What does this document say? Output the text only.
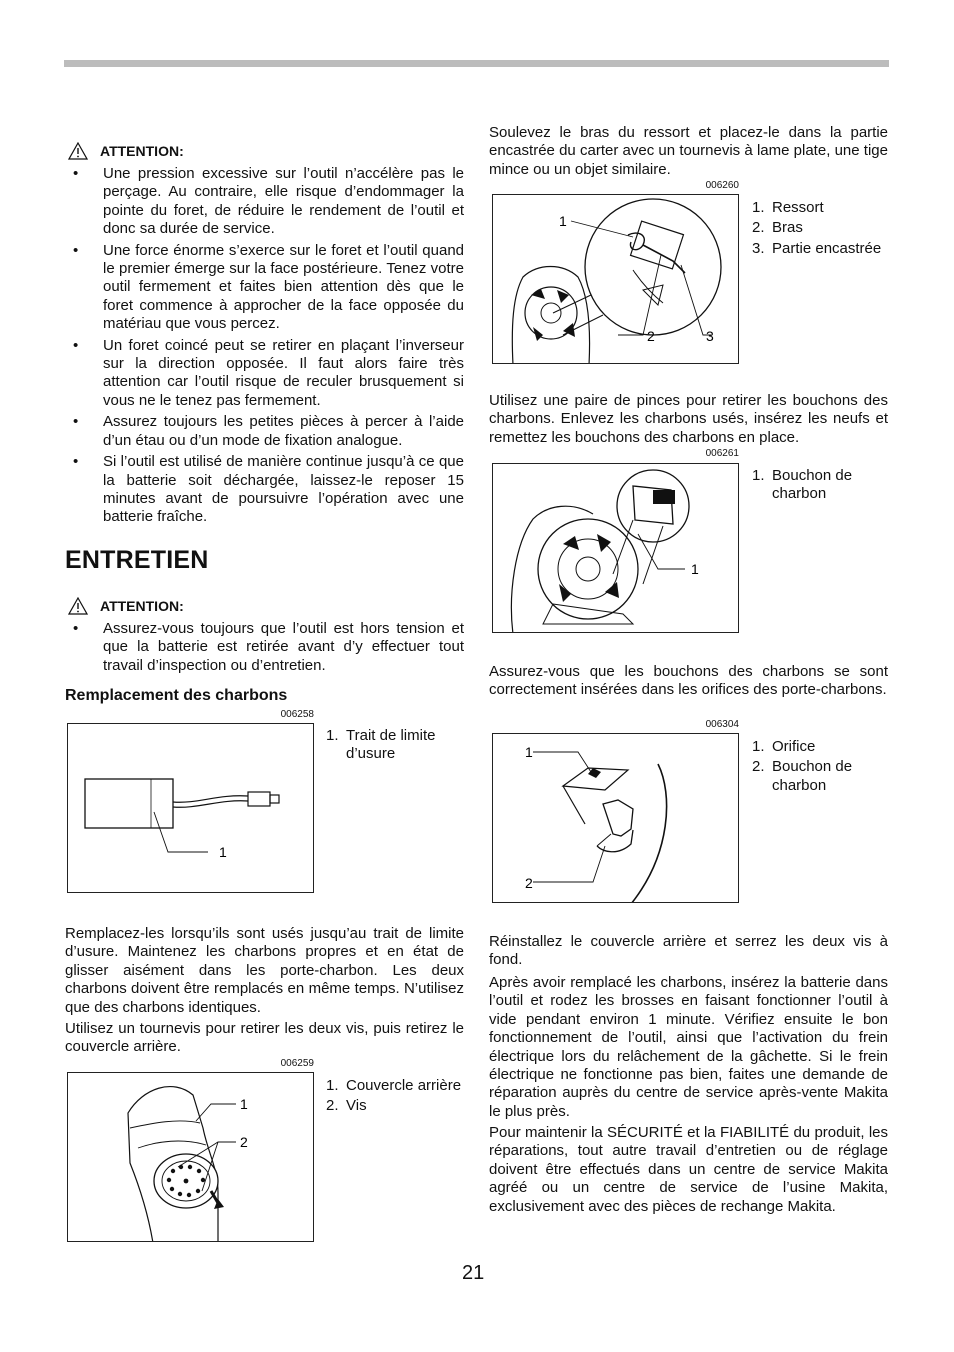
ATTENTION:
• Une pression excessive sur l’outil n’accélère pas le perçage. Au contraire, elle risque d’endommager la pointe du foret, de réduire le rendement de l’outil et donc sa durée de service.
• Une force énorme s’exerce sur le foret et l’outil quand le premier émerge sur la face postérieure. Tenez votre outil fermement et faites bien attention dès que le foret commence à approcher de la face opposée du matériau que vous percez.
• Un foret coincé peut se retirer en plaçant l’inverseur sur la direction opposée. Il faut alors faire très attention car l’outil risque de reculer brusquement si vous ne le tenez pas fermement.
• Assurez toujours les petites pièces à percer à l’aide d’un étau ou d’un mode de fixation analogue.
• Si l’outil est utilisé de manière continue jusqu’à ce que la batterie soit déchargée, laissez-le reposer 15 minutes avant de poursuivre l’opération avec une batterie fraîche.
ENTRETIEN
ATTENTION:
• Assurez-vous toujours que l’outil est hors tension et que la batterie est retirée avant d’y effectuer tout travail d’inspection ou d’entretien.
Remplacement des charbons
006258
1
1. Trait de limite d’usure

Remplacez-les lorsqu’ils sont usés jusqu’au trait de limite d’usure. Maintenez les charbons propres et en état de glisser aisément dans les porte-charbon. Les deux charbons doivent être remplacés en même temps. N’utilisez que des charbons identiques.

Utilisez un tournevis pour retirer les deux vis, puis retirez le couvercle arrière.

006259
1
2
1. Couvercle arrière
2. Vis

Soulevez le bras du ressort et placez-le dans la partie encastrée du carter avec un tournevis à lame plate, une tige mince ou un objet similaire.

006260
1
2	3
1. Ressort
2. Bras
3. Partie encastrée

Utilisez une paire de pinces pour retirer les bouchons des charbons. Enlevez les charbons usés, insérez les neufs et remettez les bouchons des charbons en place.

006261
1
1. Bouchon de charbon

Assurez-vous que les bouchons des charbons se sont correctement insérées dans les orifices des porte-charbons.

006304
1
2
1. Orifice
2. Bouchon de charbon

Réinstallez le couvercle arrière et serrez les deux vis à fond.

Après avoir remplacé les charbons, insérez la batterie dans l’outil et rodez les brosses en faisant fonctionner l’outil à vide pendant environ 1 minute. Vérifiez ensuite le bon fonctionnement de l’outil, ainsi que l’activation du frein électrique lors du relâchement de la gâchette. Si le frein électrique ne fonctionne pas bien, faites une demande de réparation auprès du centre de service après-vente Makita le plus près.

Pour maintenir la SÉCURITÉ et la FIABILITÉ du produit, les réparations, tout autre travail d’entretien ou de réglage doivent être effectués dans un centre de service Makita agréé ou un centre de service de l’usine Makita, exclusivement avec des pièces de rechange Makita.

21
